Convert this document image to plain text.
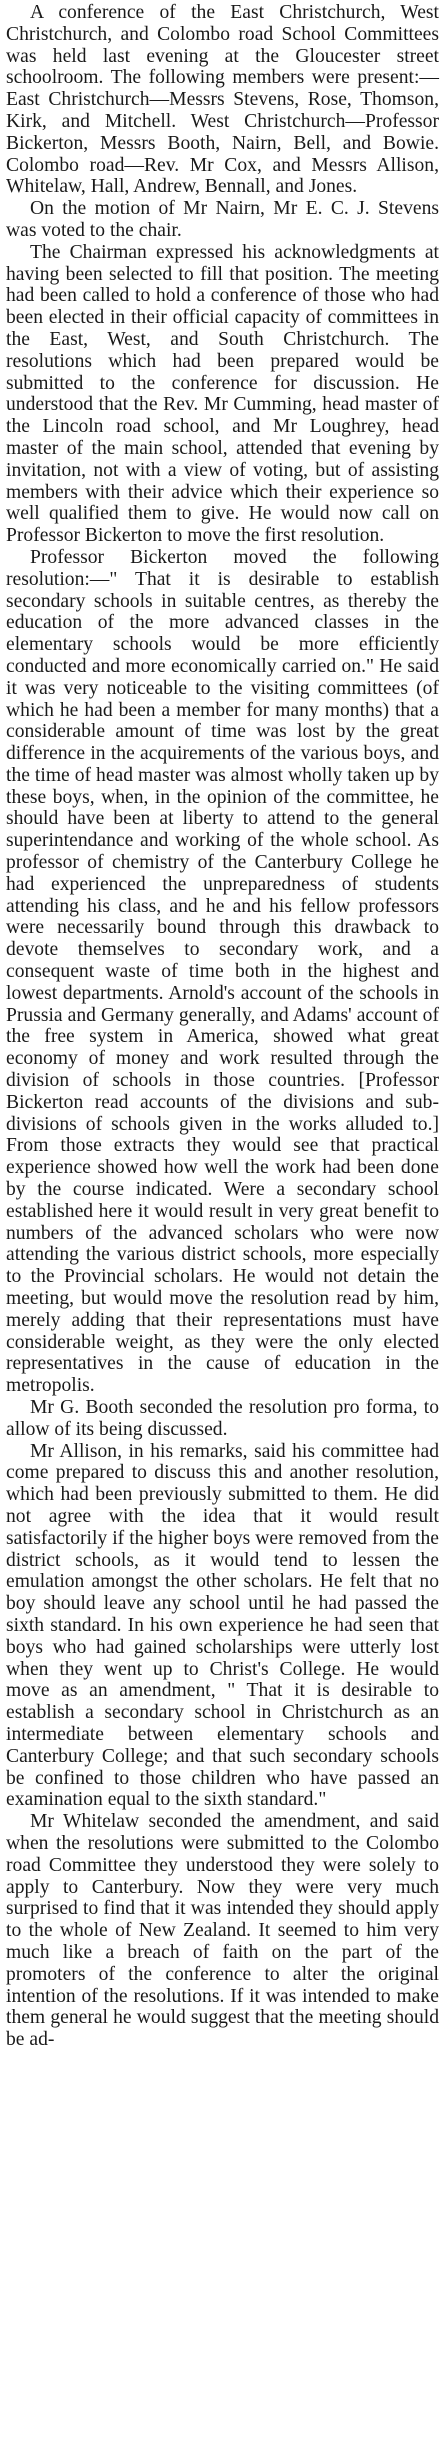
A conference of the East Christchurch, West Christchurch, and Colombo road School Committees was held last evening at the Gloucester street schoolroom. The following members were present:—East Christchurch—Messrs Stevens, Rose, Thomson, Kirk, and Mitchell. West Christchurch—Professor Bickerton, Messrs Booth, Nairn, Bell, and Bowie. Colombo road—Rev. Mr Cox, and Messrs Allison, Whitelaw, Hall, Andrew, Bennall, and Jones.

On the motion of Mr Nairn, Mr E. C. J. Stevens was voted to the chair.

The Chairman expressed his acknowledgments at having been selected to fill that position. The meeting had been called to hold a conference of those who had been elected in their official capacity of committees in the East, West, and South Christchurch. The resolutions which had been prepared would be submitted to the conference for discussion. He understood that the Rev. Mr Cumming, head master of the Lincoln road school, and Mr Loughrey, head master of the main school, attended that evening by invitation, not with a view of voting, but of assisting members with their advice which their experience so well qualified them to give. He would now call on Professor Bickerton to move the first resolution.

Professor Bickerton moved the following resolution:—" That it is desirable to establish secondary schools in suitable centres, as thereby the education of the more advanced classes in the elementary schools would be more efficiently conducted and more economically carried on." He said it was very noticeable to the visiting committees (of which he had been a member for many months) that a considerable amount of time was lost by the great difference in the acquirements of the various boys, and the time of head master was almost wholly taken up by these boys, when, in the opinion of the committee, he should have been at liberty to attend to the general superintendance and working of the whole school. As professor of chemistry of the Canterbury College he had experienced the unpreparedness of students attending his class, and he and his fellow professors were necessarily bound through this drawback to devote themselves to secondary work, and a consequent waste of time both in the highest and lowest departments. Arnold's account of the schools in Prussia and Germany generally, and Adams' account of the free system in America, showed what great economy of money and work resulted through the division of schools in those countries. [Professor Bickerton read accounts of the divisions and sub-divisions of schools given in the works alluded to.] From those extracts they would see that practical experience showed how well the work had been done by the course indicated. Were a secondary school established here it would result in very great benefit to numbers of the advanced scholars who were now attending the various district schools, more especially to the Provincial scholars. He would not detain the meeting, but would move the resolution read by him, merely adding that their representations must have considerable weight, as they were the only elected representatives in the cause of education in the metropolis.

Mr G. Booth seconded the resolution pro forma, to allow of its being discussed.

Mr Allison, in his remarks, said his committee had come prepared to discuss this and another resolution, which had been previously submitted to them. He did not agree with the idea that it would result satisfactorily if the higher boys were removed from the district schools, as it would tend to lessen the emulation amongst the other scholars. He felt that no boy should leave any school until he had passed the sixth standard. In his own experience he had seen that boys who had gained scholarships were utterly lost when they went up to Christ's College. He would move as an amendment, " That it is desirable to establish a secondary school in Christchurch as an intermediate between elementary schools and Canterbury College; and that such secondary schools be confined to those children who have passed an examination equal to the sixth standard."

Mr Whitelaw seconded the amendment, and said when the resolutions were submitted to the Colombo road Committee they understood they were solely to apply to Canterbury. Now they were very much surprised to find that it was intended they should apply to the whole of New Zealand. It seemed to him very much like a breach of faith on the part of the promoters of the conference to alter the original intention of the resolutions. If it was intended to make them general he would suggest that the meeting should be ad-
